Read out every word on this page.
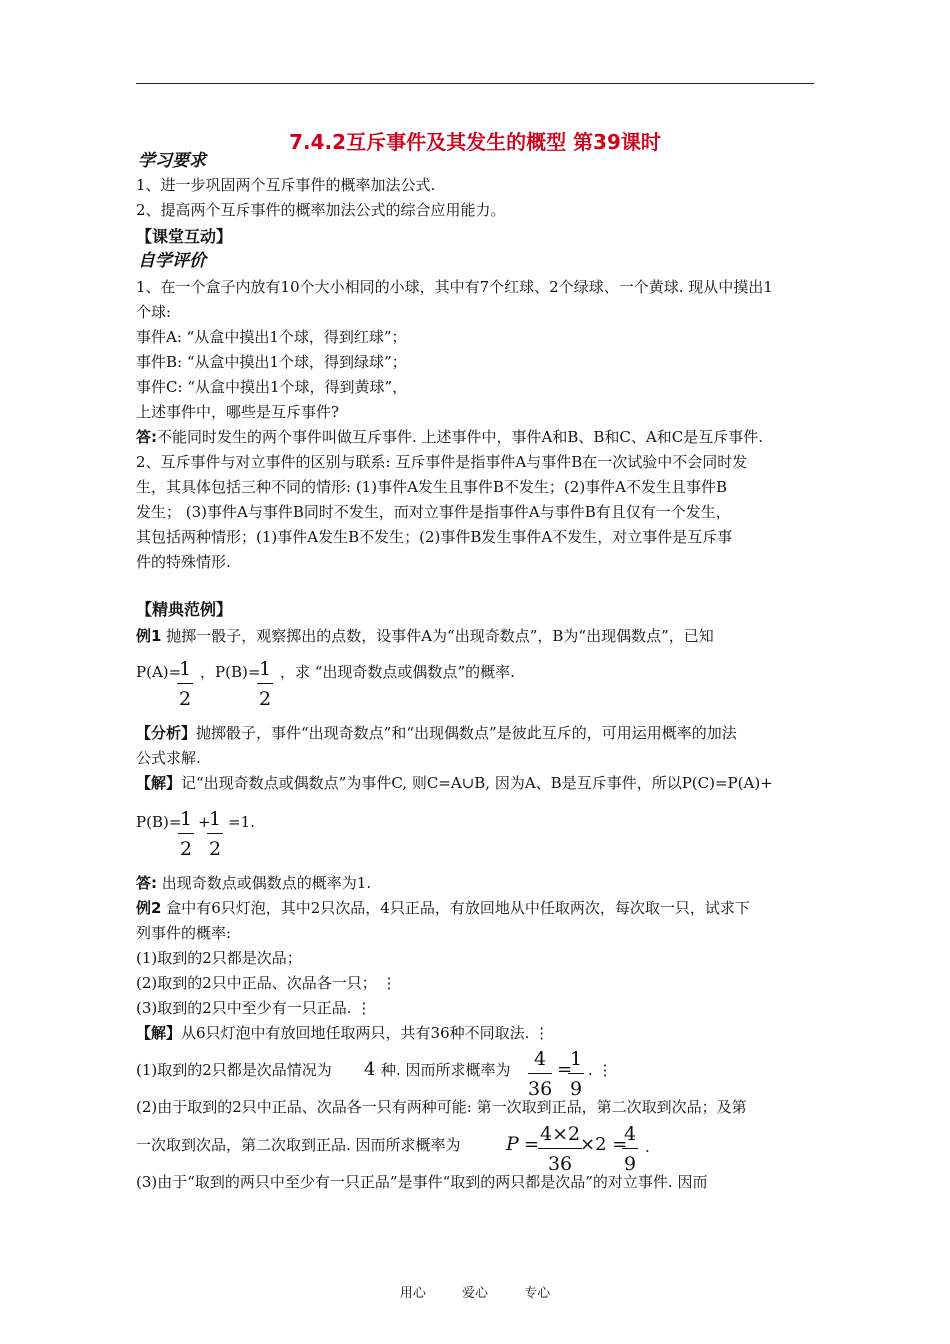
7.4.2互斥事件及其发生的概型 第39课时
学习要求
1、进一步巩固两个互斥事件的概率加法公式.
2、提高两个互斥事件的概率加法公式的综合应用能力。
【课堂互动】
自学评价
1、在一个盒子内放有10个大小相同的小球，其中有7个红球、2个绿球、一个黄球. 现从中摸出1
个球:
事件A: “从盒中摸出1个球，得到红球”；
事件B: “从盒中摸出1个球，得到绿球”；
事件C: “从盒中摸出1个球，得到黄球”，
上述事件中，哪些是互斥事件?
答:不能同时发生的两个事件叫做互斥事件. 上述事件中，事件A和B、B和C、A和C是互斥事件.
2、互斥事件与对立事件的区别与联系: 互斥事件是指事件A与事件B在一次试验中不会同时发
生，其具体包括三种不同的情形: (1)事件A发生且事件B不发生；(2)事件A不发生且事件B
发生； (3)事件A与事件B同时不发生，而对立事件是指事件A与事件B有且仅有一个发生，
其包括两种情形；(1)事件A发生B不发生；(2)事件B发生事件A不发生，对立事件是互斥事
件的特殊情形.
【精典范例】
例1 抛掷一骰子，观察掷出的点数，设事件A为“出现奇数点”，B为“出现偶数点”，已知
P(A)=
$\frac{1}{2}$ ，P(B)=
$\frac{1}{2}$ ，求 “出现奇数点或偶数点”的概率.
【分析】抛掷骰子，事件“出现奇数点”和“出现偶数点”是彼此互斥的，可用运用概率的加法
公式求解.
【解】记“出现奇数点或偶数点”为事件C, 则C=A∪B, 因为A、B是互斥事件，所以P(C)=P(A)+
P(B)=
$\frac{1}{2}$ +
$\frac{1}{2} =1$.
答: 出现奇数点或偶数点的概率为1.
例2 盒中有6只灯泡，其中2只次品，4只正品，有放回地从中任取两次，每次取一只，试求下
列事件的概率:
(1)取到的2只都是次品；
(2)取到的2只中正品、次品各一只； ⋮
(3)取到的2只中至少有一只正品. ⋮
【解】从6只灯泡中有放回地任取两只，共有36种不同取法. ⋮
(1)取到的2只都是次品情况为 4 种. 因而所求概率为 $\frac{4}{36}$ =
$\frac{1}{9}$ . ⋮
(2)由于取到的2只中正品、次品各一只有两种可能: 第一次取到正品，第二次取到次品；及第
一次取到次品，第二次取到正品. 因而所求概率为 P =
$\frac{4\times 2}{36}$
×2 =
$\frac{4}{9}$ .
(3)由于“取到的两只中至少有一只正品”是事件“取到的两只都是次品”的对立事件. 因而
用心	爱心	专心
